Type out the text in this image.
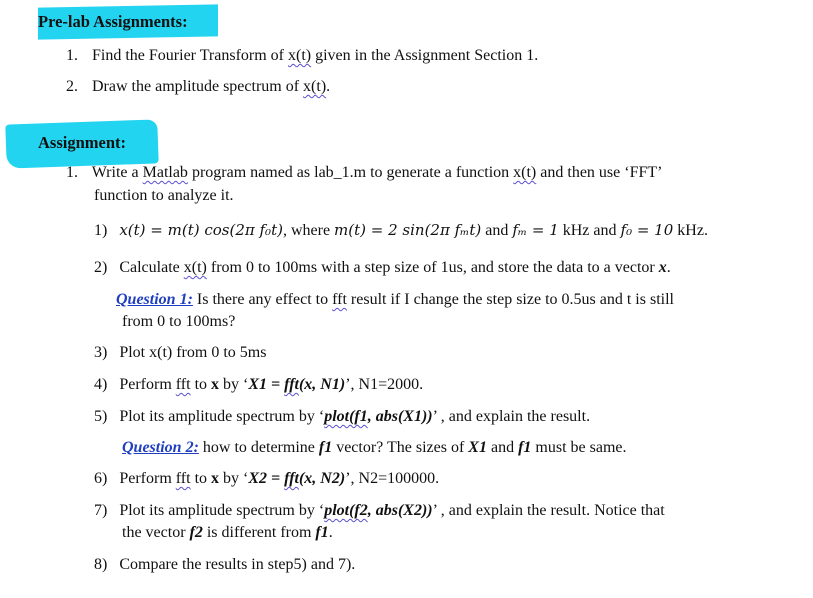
Pre-lab Assignments:
1. Find the Fourier Transform of x(t) given in the Assignment Section 1.
2. Draw the amplitude spectrum of x(t).
Assignment:
1. Write a Matlab program named as lab_1.m to generate a function x(t) and then use ‘FFT’
function to analyze it.
1) x(t) = m(t) cos(2π f₀t), where m(t) = 2 sin(2π fₘt) and fₘ = 1 kHz and f₀ = 10 kHz.
2) Calculate x(t) from 0 to 100ms with a step size of 1us, and store the data to a vector x.
Question 1: Is there any effect to fft result if I change the step size to 0.5us and t is still
from 0 to 100ms?
3) Plot x(t) from 0 to 5ms
4) Perform fft to x by ‘X1 = fft(x, N1)’, N1=2000.
5) Plot its amplitude spectrum by ‘plot(f1, abs(X1))’ , and explain the result.
Question 2: how to determine f1 vector? The sizes of X1 and f1 must be same.
6) Perform fft to x by ‘X2 = fft(x, N2)’, N2=100000.
7) Plot its amplitude spectrum by ‘plot(f2, abs(X2))’ , and explain the result. Notice that
the vector f2 is different from f1.
8) Compare the results in step5) and 7).
